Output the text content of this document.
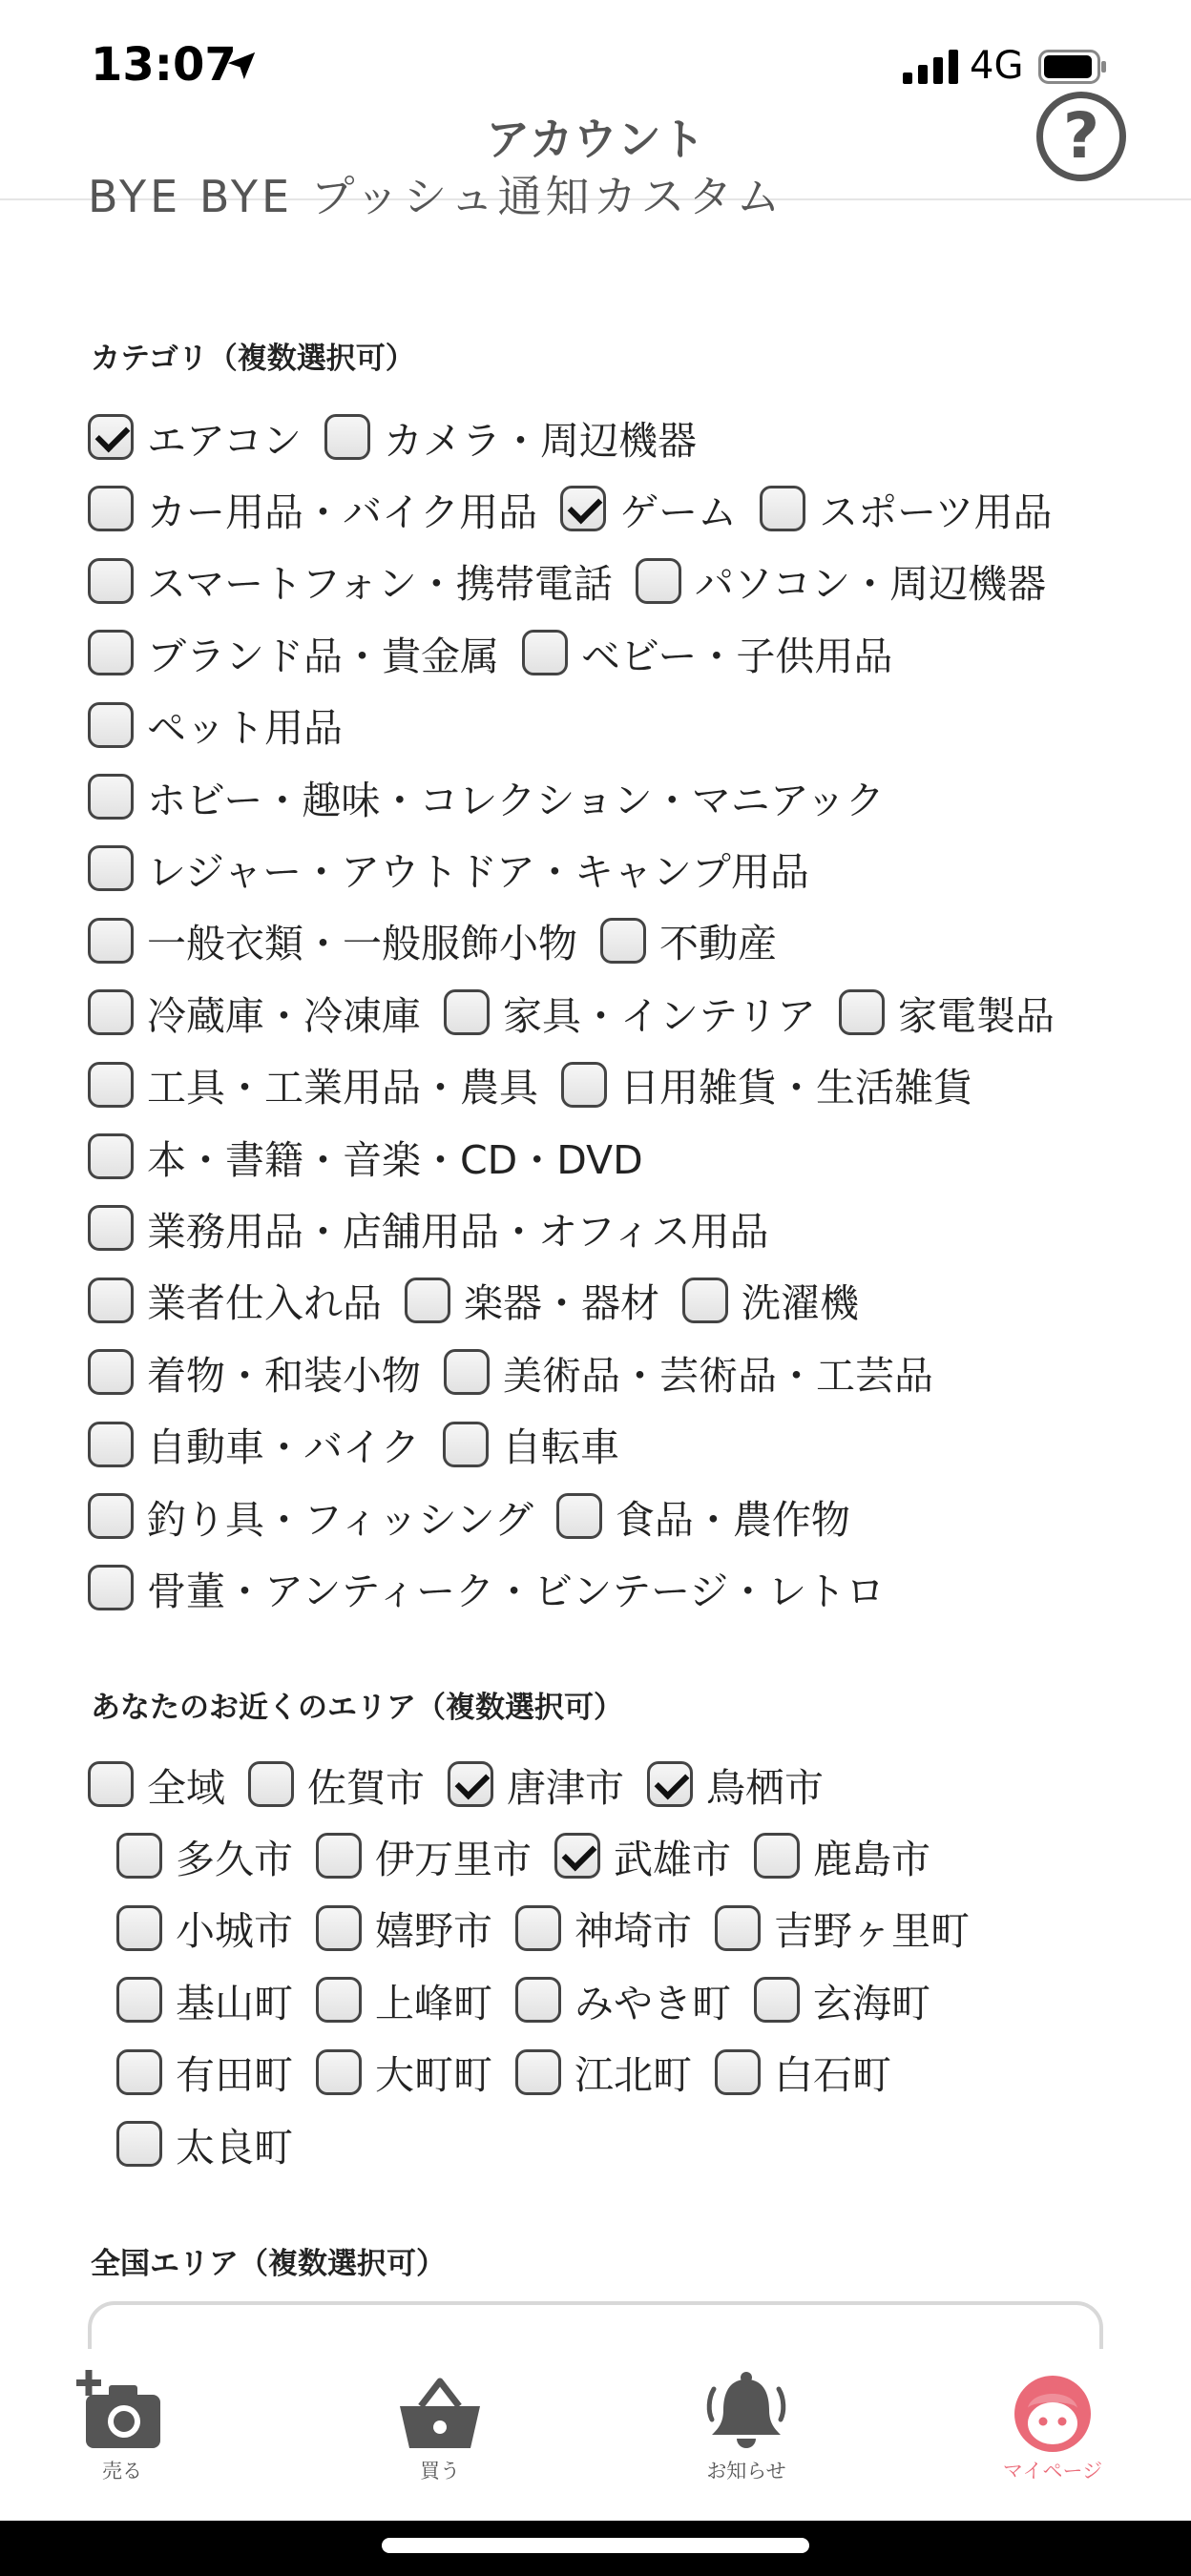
13:07	4G
アカウント	?
BYE BYE プッシュ通知カスタム
カテゴリ（複数選択可）
エアコン カメラ・周辺機器
カー用品・バイク用品 ゲーム スポーツ用品
スマートフォン・携帯電話 パソコン・周辺機器
ブランド品・貴金属 ベビー・子供用品
ペット用品
ホビー・趣味・コレクション・マニアック
レジャー・アウトドア・キャンプ用品
一般衣類・一般服飾小物 不動産
冷蔵庫・冷凍庫 家具・インテリア 家電製品
工具・工業用品・農具 日用雑貨・生活雑貨
本・書籍・音楽・CD・DVD
業務用品・店舗用品・オフィス用品
業者仕入れ品 楽器・器材 洗濯機
着物・和装小物 美術品・芸術品・工芸品
自動車・バイク 自転車
釣り具・フィッシング 食品・農作物
骨董・アンティーク・ビンテージ・レトロ
あなたのお近くのエリア（複数選択可）
全域 佐賀市 唐津市 鳥栖市
多久市 伊万里市 武雄市 鹿島市
小城市 嬉野市 神埼市 吉野ヶ里町
基山町 上峰町 みやき町 玄海町
有田町 大町町 江北町 白石町
太良町
全国エリア（複数選択可）
売る	買う	お知らせ	マイページ
